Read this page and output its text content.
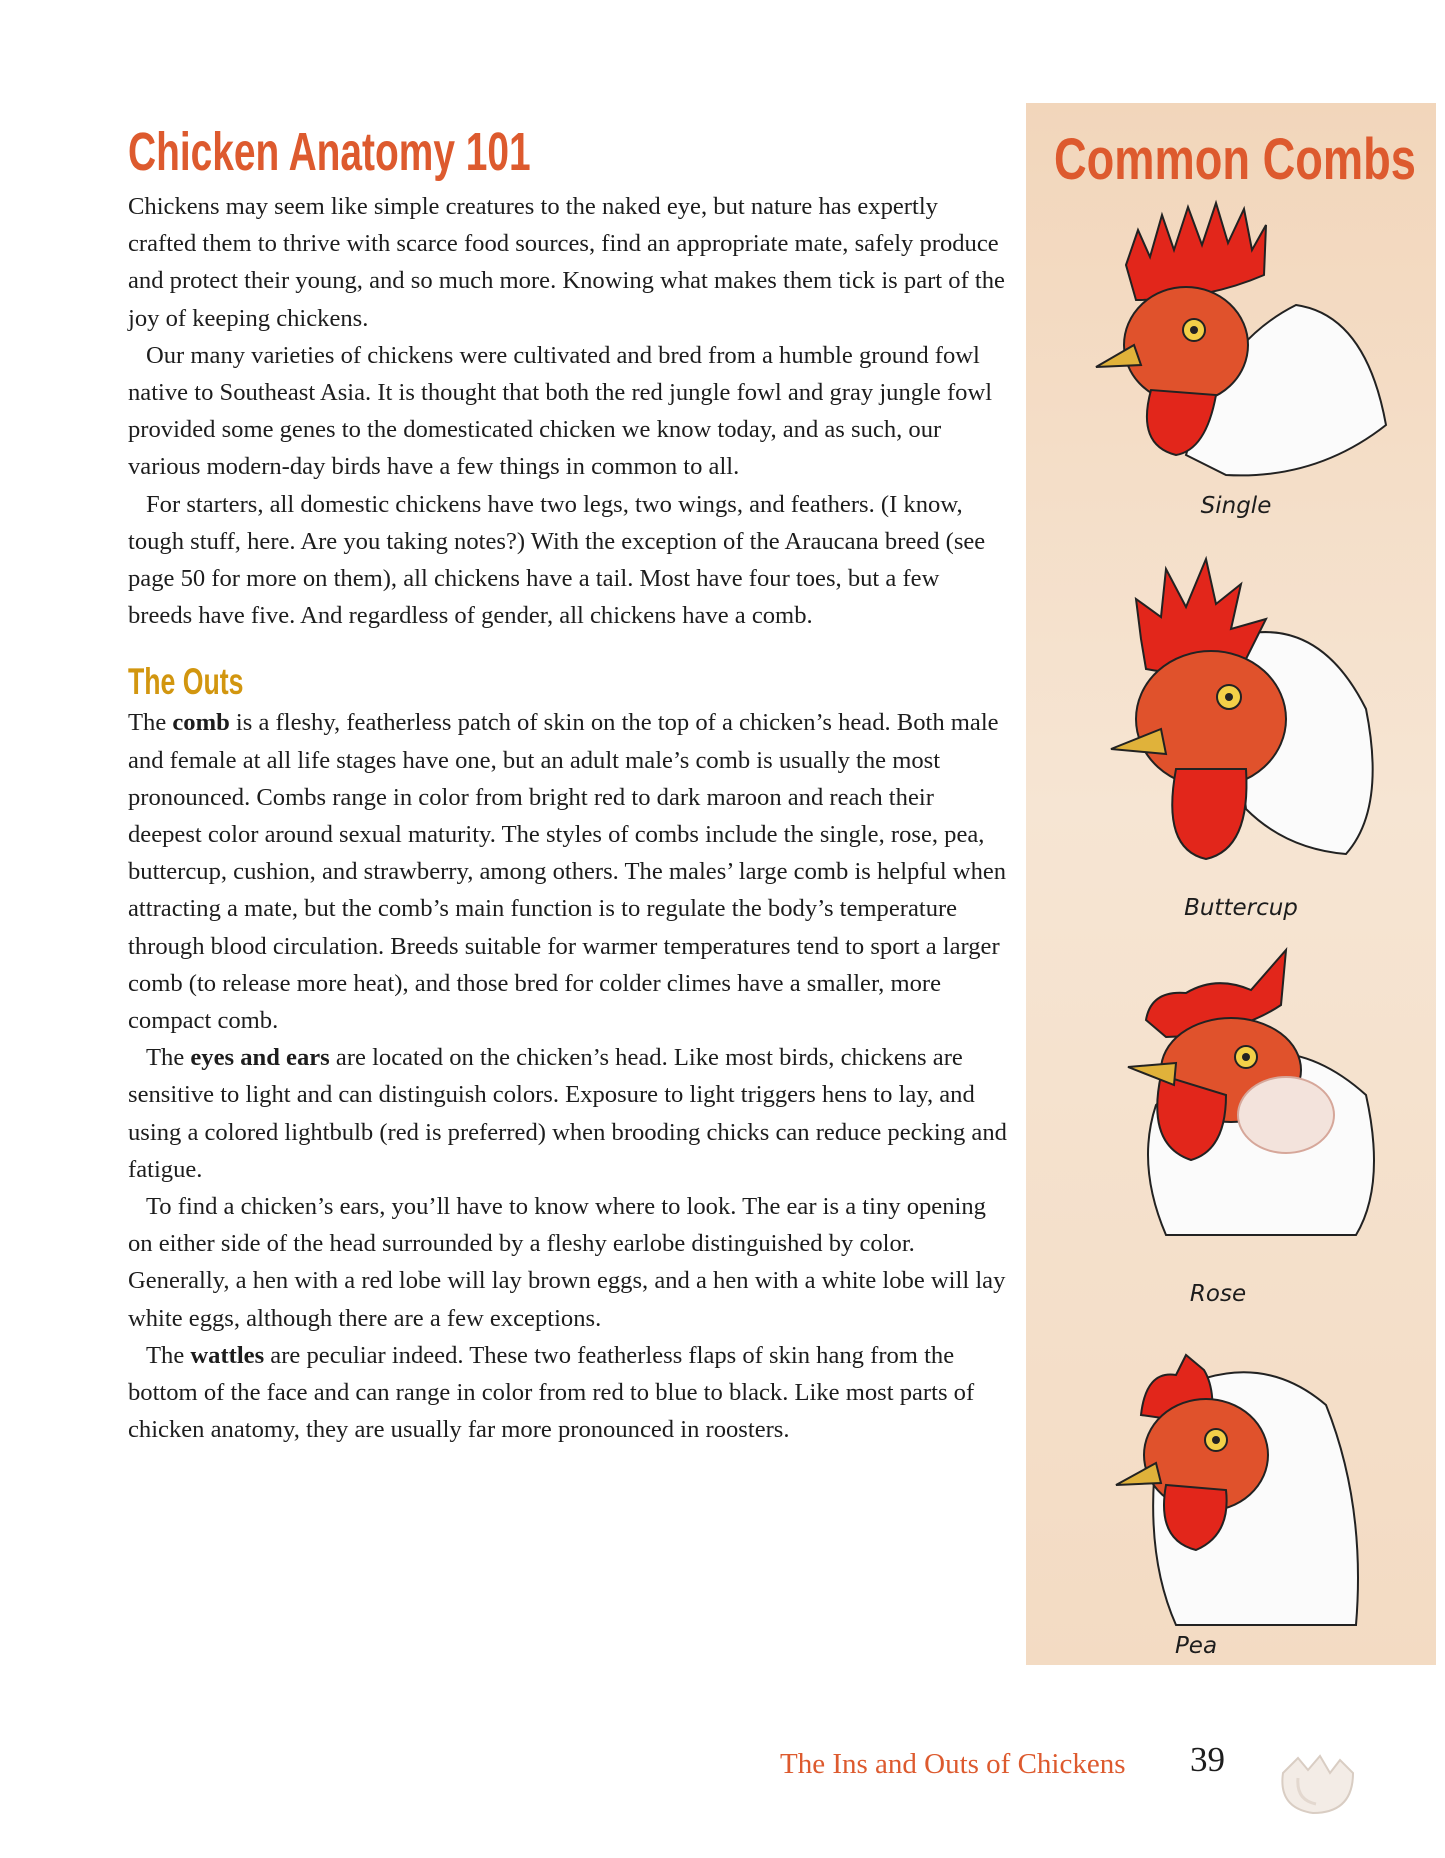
Chicken Anatomy 101

Chickens may seem like simple creatures to the naked eye, but nature has expertly crafted them to thrive with scarce food sources, find an appropriate mate, safely produce and protect their young, and so much more. Knowing what makes them tick is part of the joy of keeping chickens.

Our many varieties of chickens were cultivated and bred from a humble ground fowl native to Southeast Asia. It is thought that both the red jungle fowl and gray jungle fowl provided some genes to the domesticated chicken we know today, and as such, our various modern-day birds have a few things in common to all.

For starters, all domestic chickens have two legs, two wings, and feathers. (I know, tough stuff, here. Are you taking notes?) With the exception of the Araucana breed (see page 50 for more on them), all chickens have a tail. Most have four toes, but a few breeds have five. And regardless of gender, all chickens have a comb.

The Outs

The comb is a fleshy, featherless patch of skin on the top of a chicken’s head. Both male and female at all life stages have one, but an adult male’s comb is usually the most pronounced. Combs range in color from bright red to dark maroon and reach their deepest color around sexual maturity. The styles of combs include the single, rose, pea, buttercup, cushion, and strawberry, among others. The males’ large comb is helpful when attracting a mate, but the comb’s main function is to regulate the body’s temperature through blood circulation. Breeds suitable for warmer temperatures tend to sport a larger comb (to release more heat), and those bred for colder climes have a smaller, more compact comb.

The eyes and ears are located on the chicken’s head. Like most birds, chickens are sensitive to light and can distinguish colors. Exposure to light triggers hens to lay, and using a colored lightbulb (red is preferred) when brooding chicks can reduce pecking and fatigue.

To find a chicken’s ears, you’ll have to know where to look. The ear is a tiny opening on either side of the head surrounded by a fleshy earlobe distinguished by color. Generally, a hen with a red lobe will lay brown eggs, and a hen with a white lobe will lay white eggs, although there are a few exceptions.

The wattles are peculiar indeed. These two featherless flaps of skin hang from the bottom of the face and can range in color from red to blue to black. Like most parts of chicken anatomy, they are usually far more pronounced in roosters.

Common Combs
Single
Buttercup
Rose
Pea
The Ins and Outs of Chickens 39
